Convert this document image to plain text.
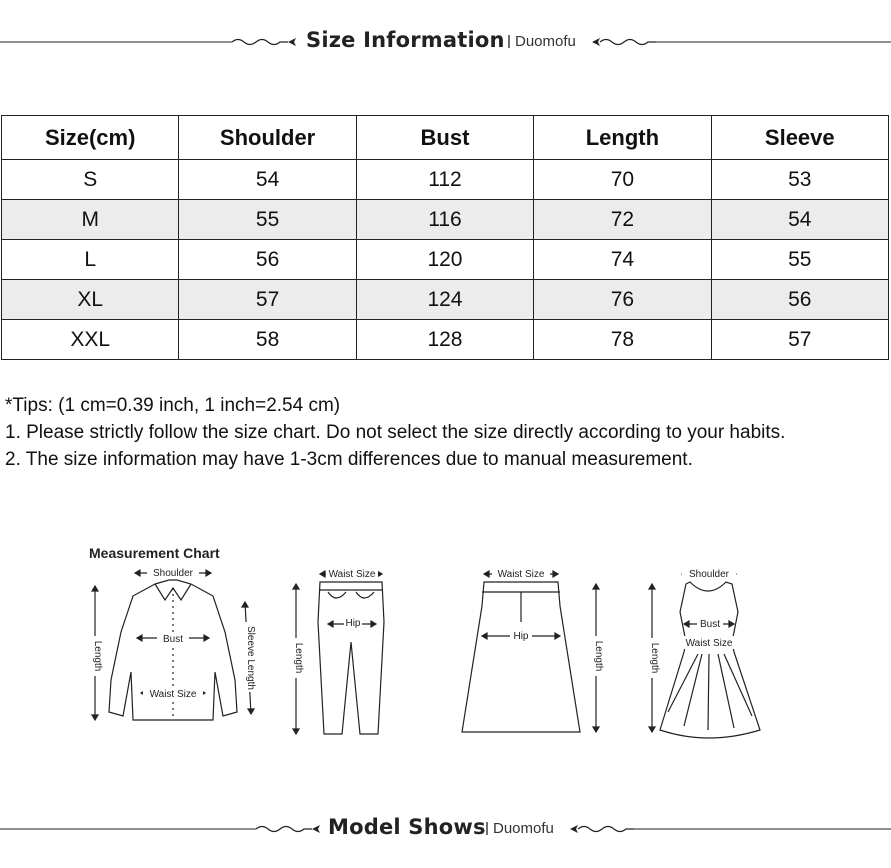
Size Information Duomofu
Size(cm)	Shoulder	Bust	Length	Sleeve
S	54	112	70	53
M	55	116	72	54
L	56	120	74	55
XL	57	124	76	56
XXL	58	128	78	57
*Tips: (1 cm=0.39 inch, 1 inch=2.54 cm)
1. Please strictly follow the size chart. Do not select the size directly according to your habits.
2. The size information may have 1-3cm differences due to manual measurement.
Measurement Chart
Shoulder
Bust
Waist Size
Length	Sleeve Length
Waist Size
Hip
Length
Waist Size
Hip
Length
Shoulder
Bust
Waist Size
Length
Model Shows Duomofu
